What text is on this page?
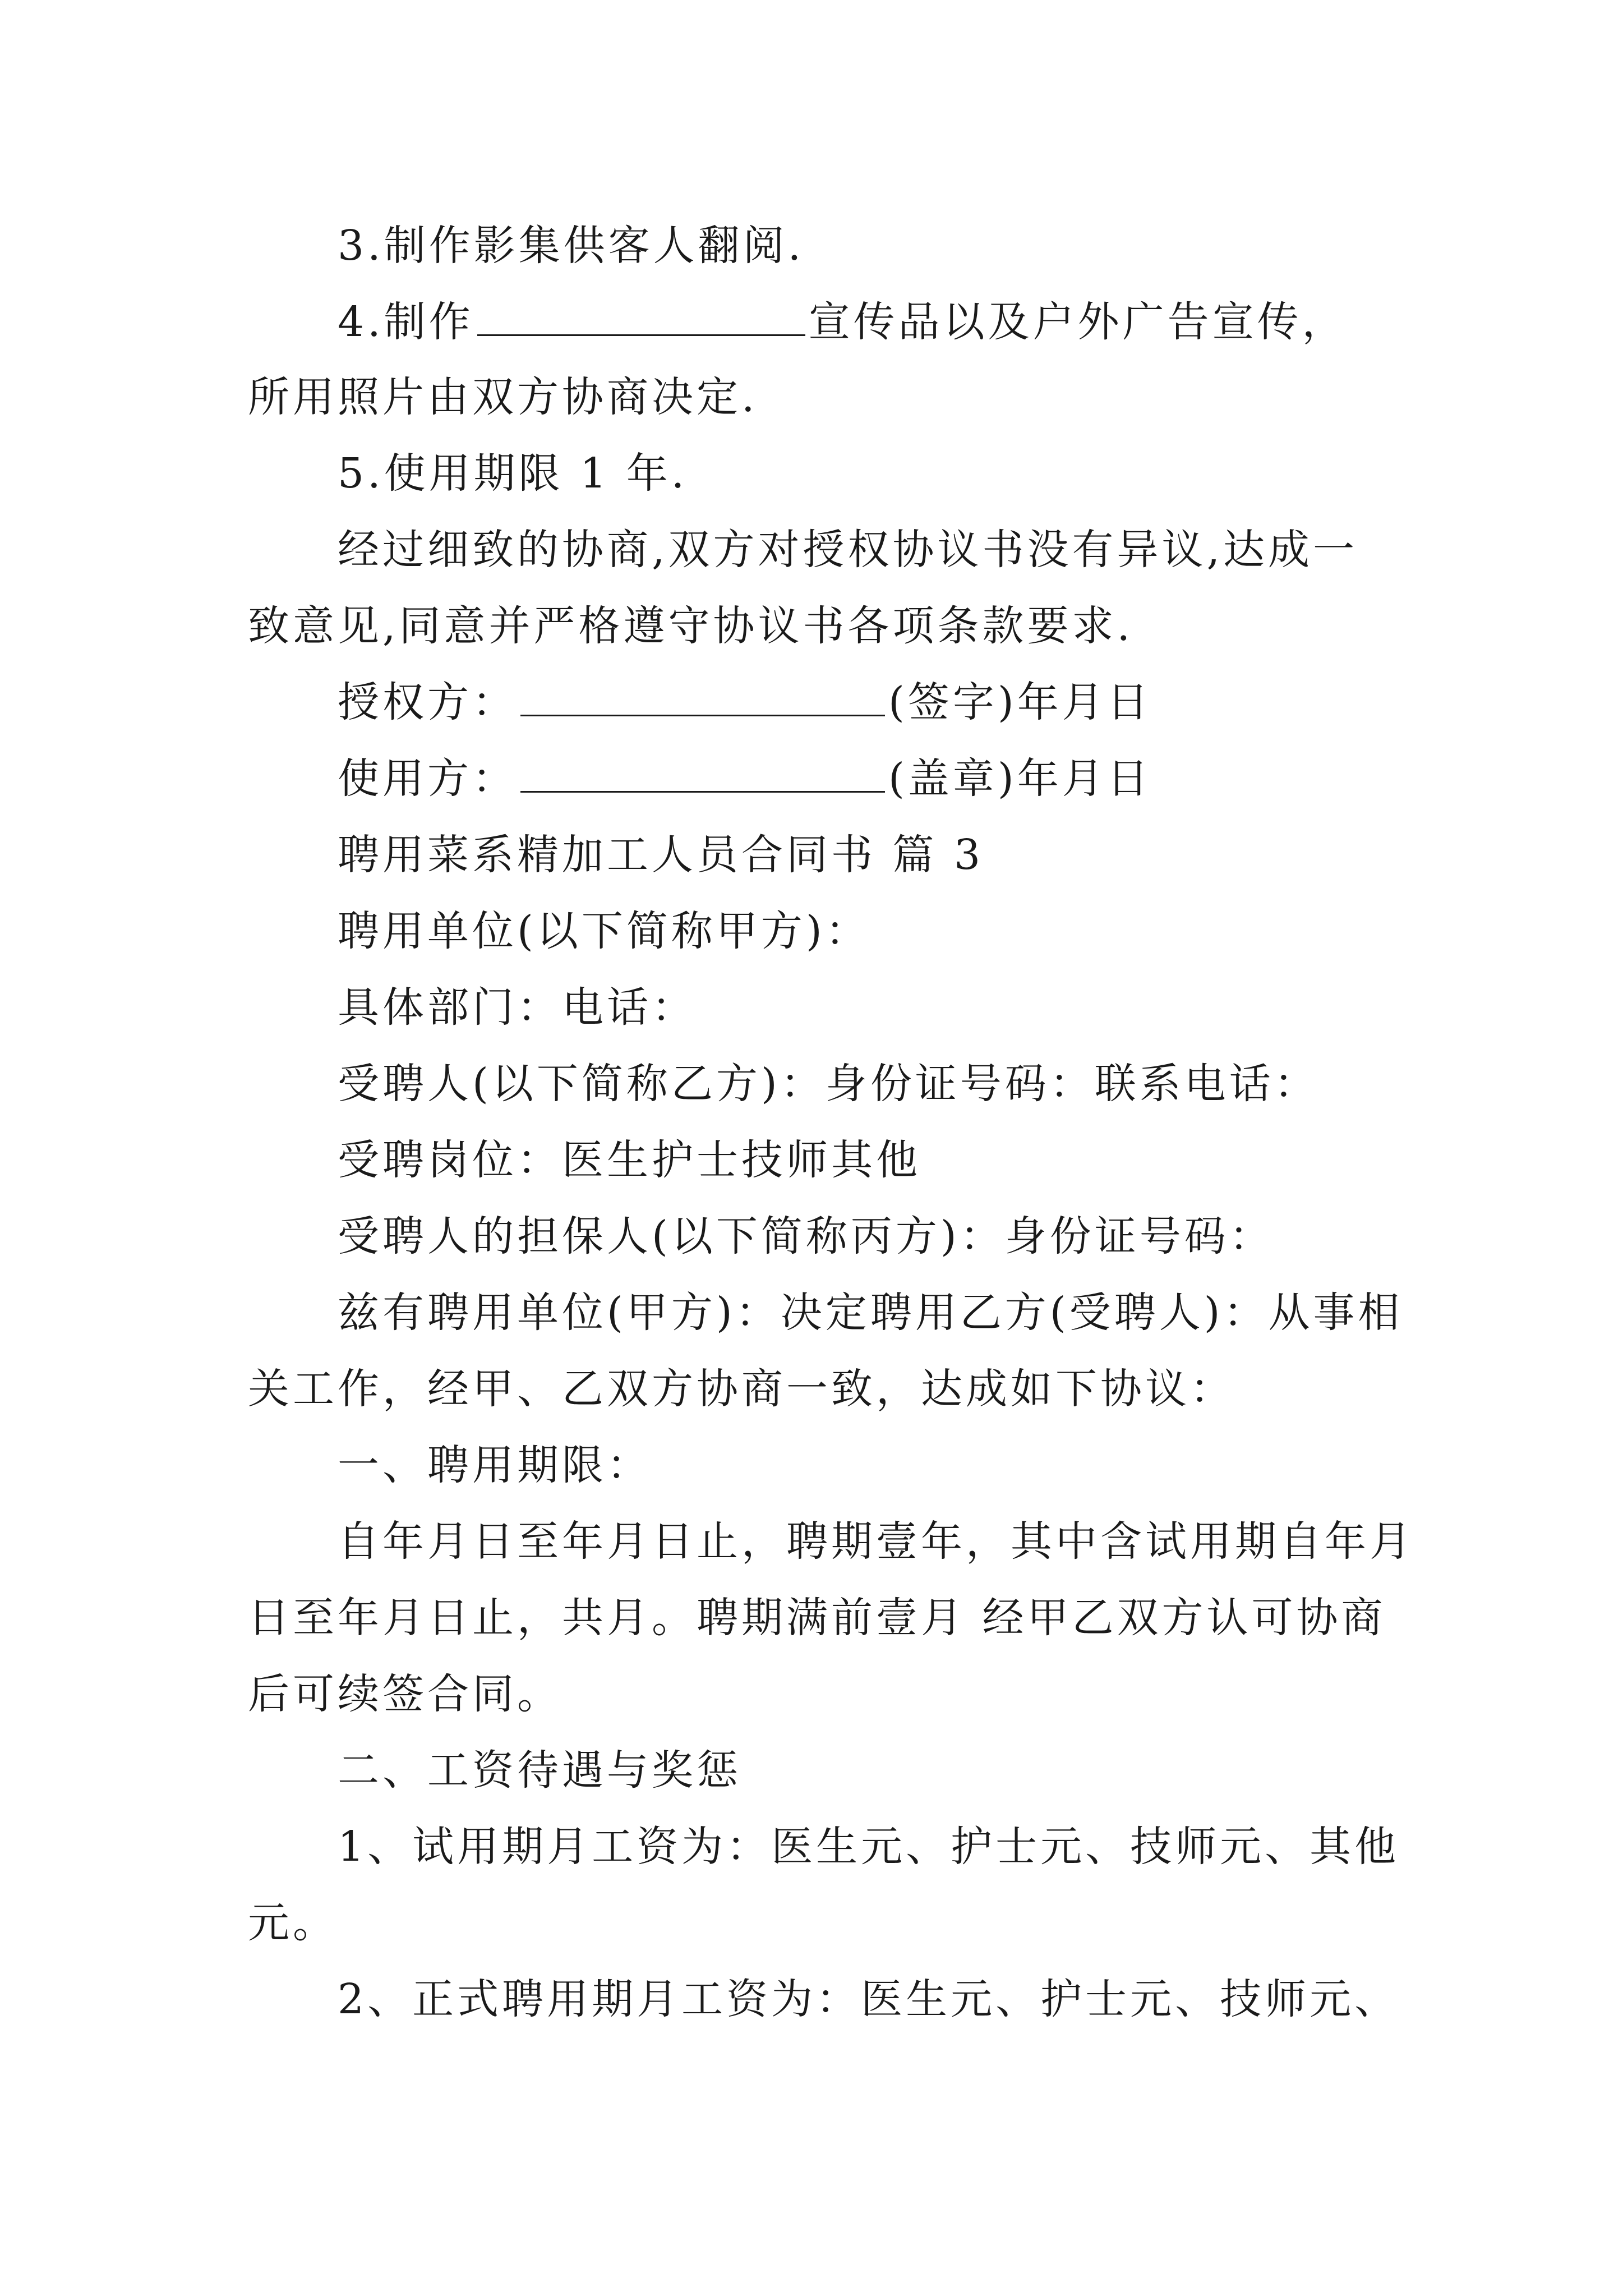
3.制作影集供客人翻阅.
4.制作	宣传品以及户外广告宣传，
所用照片由双方协商决定.
5.使用期限 1 年.
经过细致的协商,双方对授权协议书没有异议,达成一
致意见,同意并严格遵守协议书各项条款要求.
授权方：	(签字)年月日
使用方：	(盖章)年月日
聘用菜系精加工人员合同书 篇 3
聘用单位(以下简称甲方)：
具体部门：电话：
受聘人(以下简称乙方)：身份证号码：联系电话：
受聘岗位：医生护士技师其他
受聘人的担保人(以下简称丙方)：身份证号码：
兹有聘用单位(甲方)：决定聘用乙方(受聘人)：从事相
关工作，经甲、乙双方协商一致，达成如下协议：
一、聘用期限：
自年月日至年月日止，聘期壹年，其中含试用期自年月
日至年月日止，共月。聘期满前壹月 经甲乙双方认可协商
后可续签合同。
二、工资待遇与奖惩
1、试用期月工资为：医生元、护士元、技师元、其他
元。
2、正式聘用期月工资为：医生元、护士元、技师元、
